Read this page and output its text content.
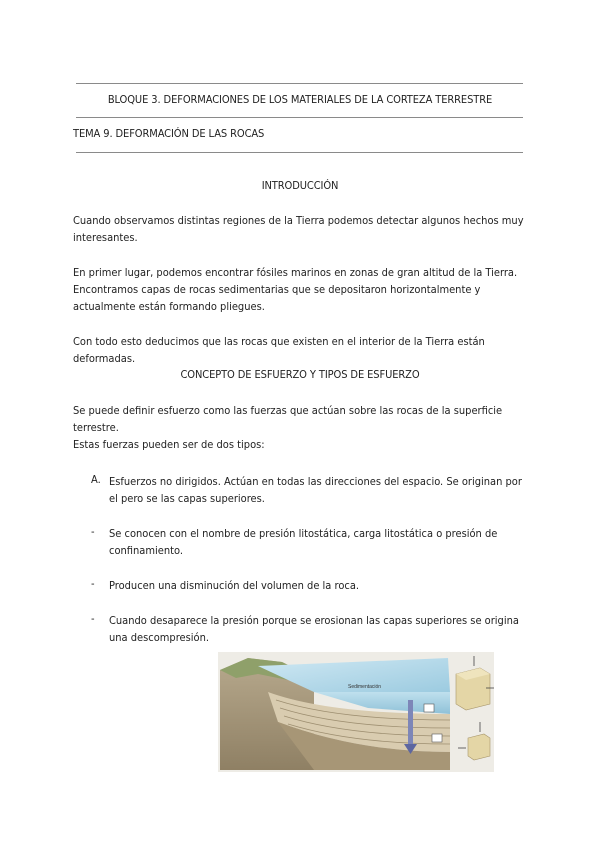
BLOQUE 3. DEFORMACIONES DE LOS MATERIALES DE LA CORTEZA TERRESTRE
TEMA 9. DEFORMACIÓN DE LAS ROCAS
INTRODUCCIÓN
Cuando observamos distintas regiones de la Tierra podemos detectar algunos hechos muy interesantes.
En primer lugar, podemos encontrar fósiles marinos en zonas de gran altitud de la Tierra. Encontramos capas de rocas sedimentarias que se depositaron horizontalmente y actualmente están formando pliegues.
Con todo esto deducimos que las rocas que existen en el interior de la Tierra están deformadas.
CONCEPTO DE ESFUERZO Y TIPOS DE ESFUERZO
Se puede definir esfuerzo como las fuerzas que actúan sobre las rocas de la superficie terrestre.
Estas fuerzas pueden ser de dos tipos:
A. Esfuerzos no dirigidos. Actúan en todas las direcciones del espacio. Se originan por el pero se las capas superiores.
- Se conocen con el nombre de presión litostática, carga litostática o presión de confinamiento.
- Producen una disminución del volumen de la roca.
- Cuando desaparece la presión porque se erosionan las capas superiores se origina una descompresión.
Sedimentación
